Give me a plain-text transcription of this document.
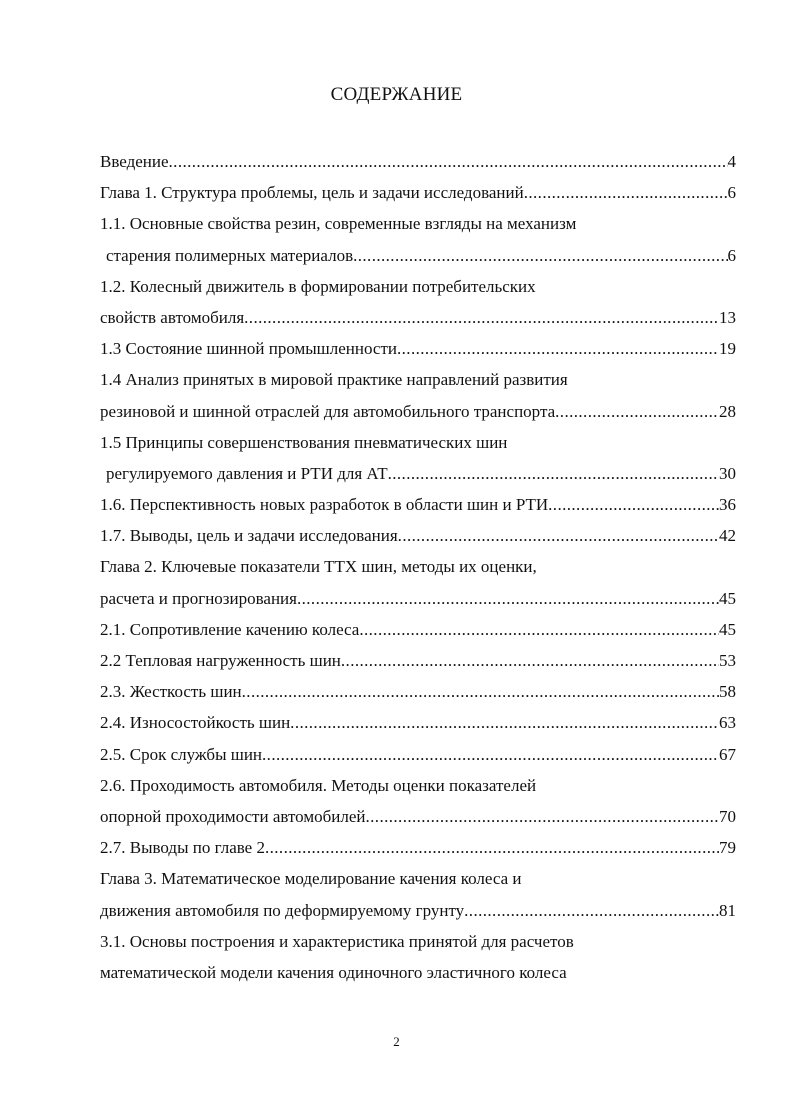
СОДЕРЖАНИЕ
Введение .....	4
Глава 1. Структура проблемы, цель и задачи исследований .....	6
1.1. Основные свойства резин, современные взгляды на механизм
старения полимерных материалов .....	6
1.2. Колесный движитель в формировании потребительских
свойств автомобиля .....	13
1.3 Состояние шинной промышленности .....	19
1.4 Анализ принятых в мировой практике направлений развития
резиновой и шинной отраслей для автомобильного транспорта .....	28
1.5 Принципы совершенствования пневматических шин
регулируемого давления и РТИ для АТ .....	30
1.6. Перспективность новых разработок в области шин и РТИ .....	36
1.7. Выводы, цель и задачи исследования .....	42
Глава 2. Ключевые показатели ТТХ шин, методы их оценки,
расчета и прогнозирования .....	45
2.1. Сопротивление качению колеса .....	45
2.2 Тепловая нагруженность шин .....	53
2.3. Жесткость шин .....	58
2.4. Износостойкость шин .....	63
2.5. Срок службы шин .....	67
2.6. Проходимость автомобиля. Методы оценки показателей
опорной проходимости автомобилей .....	70
2.7. Выводы по главе 2 .....	79
Глава 3. Математическое моделирование качения колеса и
движения автомобиля по деформируемому грунту .....	81
3.1. Основы построения и характеристика принятой для расчетов
математической модели качения одиночного эластичного колеса
2
